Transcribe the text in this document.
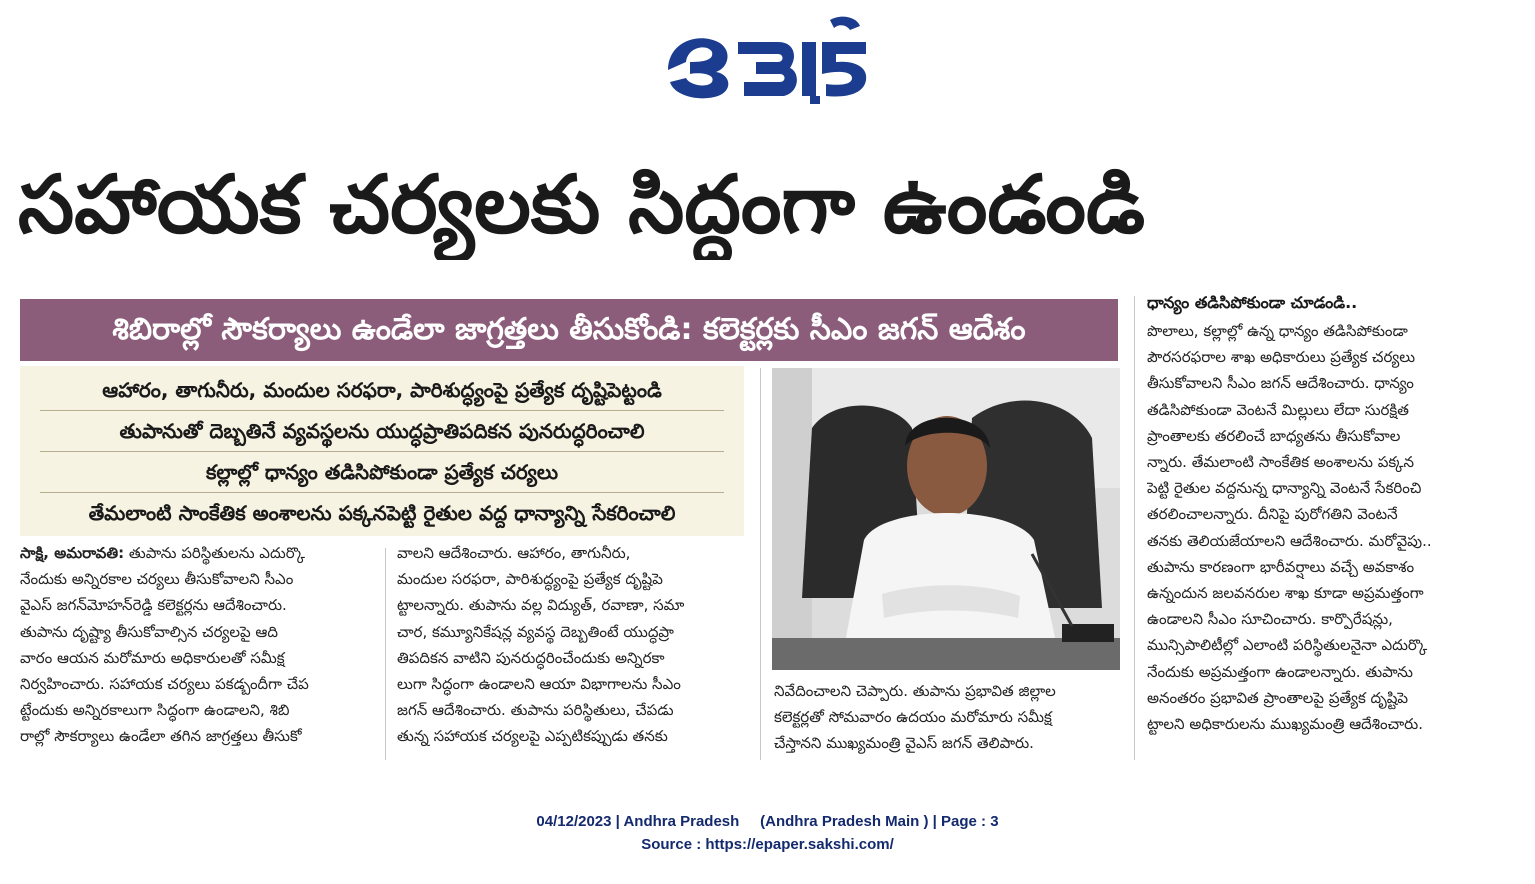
సహాయక చర్యలకు సిద్ధంగా ఉండండి
శిబిరాల్లో సౌకర్యాలు ఉండేలా జాగ్రత్తలు తీసుకోండి: కలెక్టర్లకు సీఎం జగన్‌ ఆదేశం
ఆహారం, తాగునీరు, మందుల సరఫరా, పారిశుద్ధ్యంపై ప్రత్యేక దృష్టిపెట్టండి
తుపానుతో దెబ్బతినే వ్యవస్థలను యుద్ధప్రాతిపదికన పునరుద్ధరించాలి
కల్లాల్లో ధాన్యం తడిసిపోకుండా ప్రత్యేక చర్యలు
తేమలాంటి సాంకేతిక అంశాలను పక్కనపెట్టి రైతుల వద్ద ధాన్యాన్ని సేకరించాలి

సాక్షి, అమరావతి: తుపాను పరిస్థితులను ఎదుర్కొ

నేందుకు అన్నిరకాల చర్యలు తీసుకోవాలని సీఎం

వైఎస్‌ జగన్‌మోహన్‌రెడ్డి కలెక్టర్లను ఆదేశించారు.

తుపాను దృష్ట్యా తీసుకోవాల్సిన చర్యలపై ఆది

వారం ఆయన మరోమారు అధికారులతో సమీక్ష

నిర్వహించారు. సహాయక చర్యలు పకడ్బందీగా చేప

ట్టేందుకు అన్నిరకాలుగా సిద్ధంగా ఉండాలని, శిబి

రాల్లో సౌకర్యాలు ఉండేలా తగిన జాగ్రత్తలు తీసుకో

వాలని ఆదేశించారు. ఆహారం, తాగునీరు,

మందుల సరఫరా, పారిశుద్ధ్యంపై ప్రత్యేక దృష్టిపె

ట్టాలన్నారు. తుపాను వల్ల విద్యుత్‌, రవాణా, సమా

చార, కమ్యూనికేషన్ల వ్యవస్థ దెబ్బతింటే యుద్ధప్రా

తిపదికన వాటిని పునరుద్ధరించేందుకు అన్నిరకా

లుగా సిద్ధంగా ఉండాలని ఆయా విభాగాలను సీఎం

జగన్‌ ఆదేశించారు. తుపాను పరిస్థితులు, చేపడు

తున్న సహాయక చర్యలపై ఎప్పటికప్పుడు తనకు

నివేదించాలని చెప్పారు. తుపాను ప్రభావిత జిల్లాల

కలెక్టర్లతో సోమవారం ఉదయం మరోమారు సమీక్ష

చేస్తానని ముఖ్యమంత్రి వైఎస్‌ జగన్‌ తెలిపారు.

ధాన్యం తడిసిపోకుండా చూడండి..

పొలాలు, కల్లాల్లో ఉన్న ధాన్యం తడిసిపోకుండా

పౌరసరఫరాల శాఖ అధికారులు ప్రత్యేక చర్యలు

తీసుకోవాలని సీఎం జగన్‌ ఆదేశించారు. ధాన్యం

తడిసిపోకుండా వెంటనే మిల్లులు లేదా సురక్షిత

ప్రాంతాలకు తరలించే బాధ్యతను తీసుకోవాల

న్నారు. తేమలాంటి సాంకేతిక అంశాలను పక్కన

పెట్టి రైతుల వద్దనున్న ధాన్యాన్ని వెంటనే సేకరించి

తరలించాలన్నారు. దీనిపై పురోగతిని వెంటనే

తనకు తెలియజేయాలని ఆదేశించారు. మరోవైపు..

తుపాను కారణంగా భారీవర్షాలు వచ్చే అవకాశం

ఉన్నందున జలవనరుల శాఖ కూడా అప్రమత్తంగా

ఉండాలని సీఎం సూచించారు. కార్పొరేషన్లు,

మున్సిపాలిటీల్లో ఎలాంటి పరిస్థితులనైనా ఎదుర్కొ

నేందుకు అప్రమత్తంగా ఉండాలన్నారు. తుపాను

అనంతరం ప్రభావిత ప్రాంతాలపై ప్రత్యేక దృష్టిపె

ట్టాలని అధికారులను ముఖ్యమంత్రి ఆదేశించారు.

04/12/2023 | Andhra Pradesh     (Andhra Pradesh Main ) | Page : 3
Source : https://epaper.sakshi.com/
